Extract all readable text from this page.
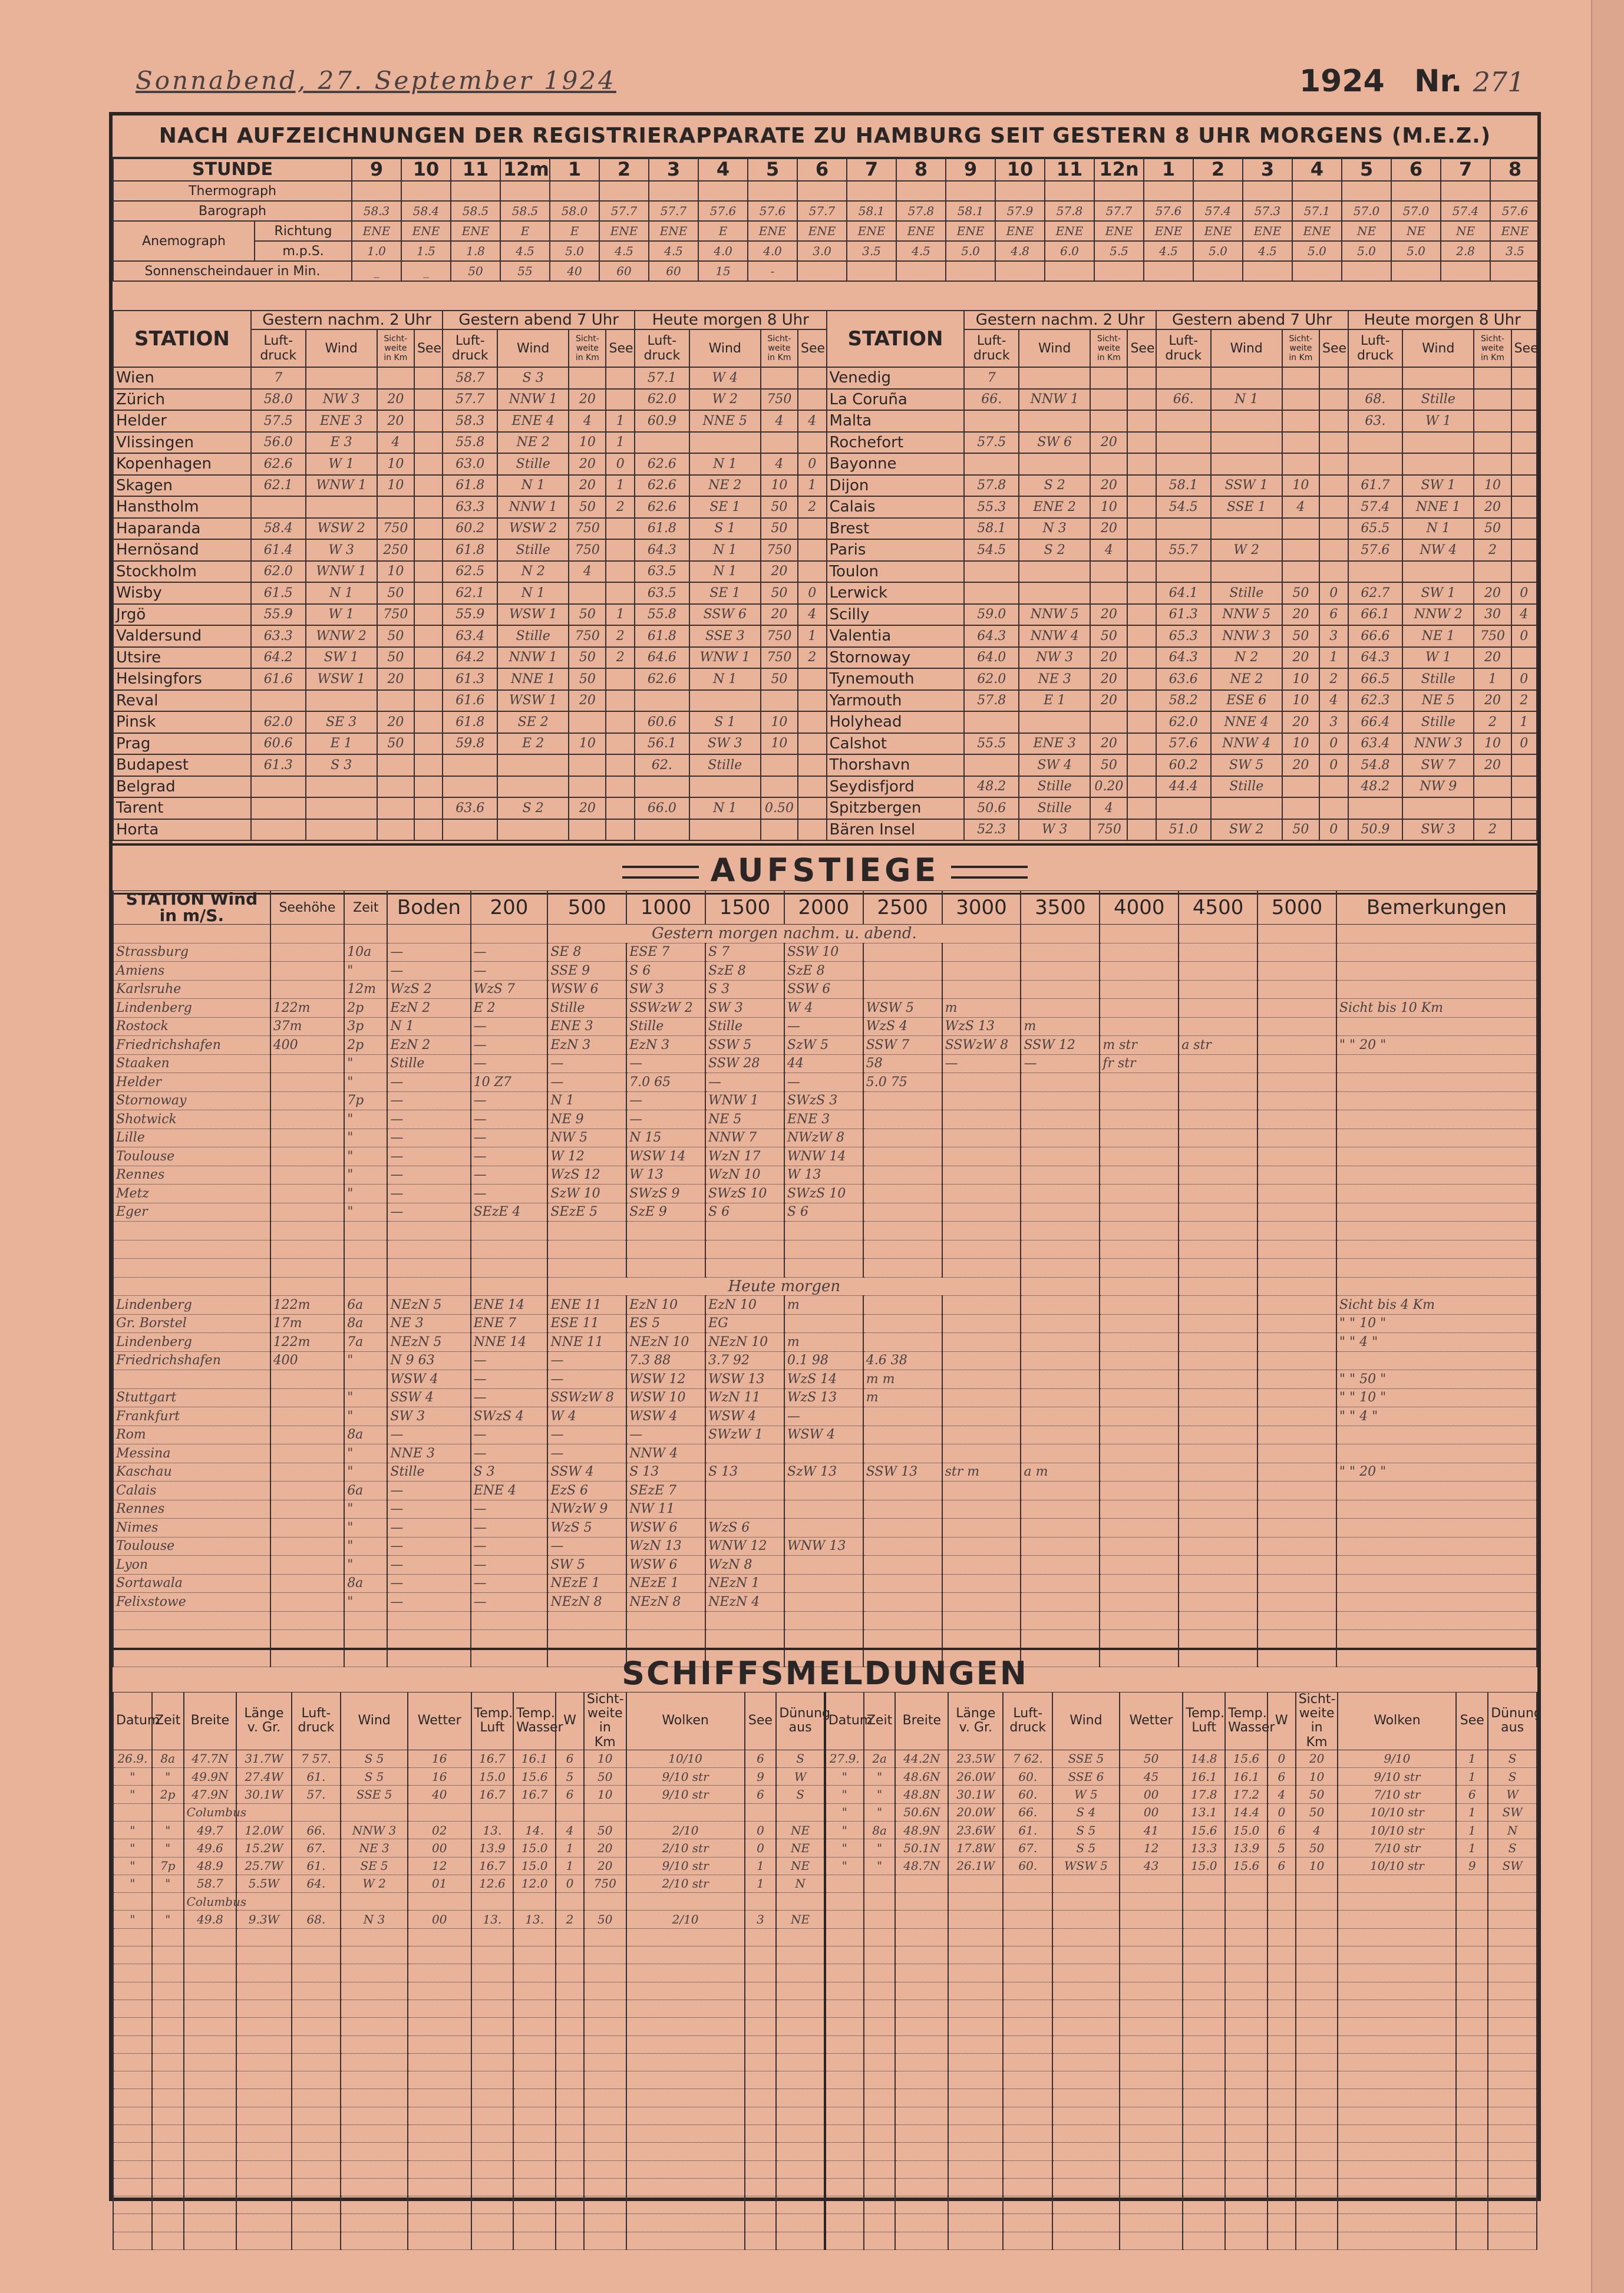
Sonnabend, 27. September 1924	1924 Nr. 271
NACH AUFZEICHNUNGEN DER REGISTRIERAPPARATE ZU HAMBURG SEIT GESTERN 8 UHR MORGENS (M.E.Z.)
STUNDE		9	10	11	12m	1	2	3	4	5	6	7	8	9	10	11	12n	1	2	3	4	5	6	7	8
Thermograph																									
Barograph		58.3	58.4	58.5	58.5	58.0	57.7	57.7	57.6	57.6	57.7	58.1	57.8	58.1	57.9	57.8	57.7	57.6	57.4	57.3	57.1	57.0	57.0	57.4	57.6
Anemograph	Richtung	ENE	ENE	ENE	E	E	ENE	ENE	E	ENE	ENE	ENE	ENE	ENE	ENE	ENE	ENE	ENE	ENE	ENE	ENE	NE	NE	NE	ENE
	m.p.S.	1.0	1.5	1.8	4.5	5.0	4.5	4.5	4.0	4.0	3.0	3.5	4.5	5.0	4.8	6.0	5.5	4.5	5.0	4.5	5.0	5.0	5.0	2.8	3.5
Sonnenscheindauer in Min.		_	_	50	55	40	60	60	15	-															
STATION	Gestern nachm. 2 Uhr				Gestern abend 7 Uhr				Heute morgen 8 Uhr				STATION	Gestern nachm. 2 Uhr				Gestern abend 7 Uhr				Heute morgen 8 Uhr			
	Luft-druck	Wind	Sicht-weite in Km	See	Luft-druck	Wind	Sicht-weite in Km	See	Luft-druck	Wind	Sicht-weite in Km	See		Luft-druck	Wind	Sicht-weite in Km	See	Luft-druck	Wind	Sicht-weite in Km	See	Luft-druck	Wind	Sicht-weite in Km	See
Wien	7				58.7	S 3			57.1	W 4			Venedig	7											
Zürich	58.0	NW 3	20		57.7	NNW 1	20		62.0	W 2	750		La Coruña	66.	NNW 1			66.	N 1			68.	Stille		
Helder	57.5	ENE 3	20		58.3	ENE 4	4	1	60.9	NNE 5	4	4	Malta									63.	W 1		
Vlissingen	56.0	E 3	4		55.8	NE 2	10	1					Rochefort	57.5	SW 6	20									
Kopenhagen	62.6	W 1	10		63.0	Stille	20	0	62.6	N 1	4	0	Bayonne												
Skagen	62.1	WNW 1	10		61.8	N 1	20	1	62.6	NE 2	10	1	Dijon	57.8	S 2	20		58.1	SSW 1	10		61.7	SW 1	10	
Hanstholm					63.3	NNW 1	50	2	62.6	SE 1	50	2	Calais	55.3	ENE 2	10		54.5	SSE 1	4		57.4	NNE 1	20	
Haparanda	58.4	WSW 2	750		60.2	WSW 2	750		61.8	S 1	50		Brest	58.1	N 3	20						65.5	N 1	50	
Hernösand	61.4	W 3	250		61.8	Stille	750		64.3	N 1	750		Paris	54.5	S 2	4		55.7	W 2			57.6	NW 4	2	
Stockholm	62.0	WNW 1	10		62.5	N 2	4		63.5	N 1	20		Toulon												
Wisby	61.5	N 1	50		62.1	N 1			63.5	SE 1	50	0	Lerwick					64.1	Stille	50	0	62.7	SW 1	20	0
Jrgö	55.9	W 1	750		55.9	WSW 1	50	1	55.8	SSW 6	20	4	Scilly	59.0	NNW 5	20		61.3	NNW 5	20	6	66.1	NNW 2	30	4
Valdersund	63.3	WNW 2	50		63.4	Stille	750	2	61.8	SSE 3	750	1	Valentia	64.3	NNW 4	50		65.3	NNW 3	50	3	66.6	NE 1	750	0
Utsire	64.2	SW 1	50		64.2	NNW 1	50	2	64.6	WNW 1	750	2	Stornoway	64.0	NW 3	20		64.3	N 2	20	1	64.3	W 1	20	
Helsingfors	61.6	WSW 1	20		61.3	NNE 1	50		62.6	N 1	50		Tynemouth	62.0	NE 3	20		63.6	NE 2	10	2	66.5	Stille	1	0
Reval					61.6	WSW 1	20						Yarmouth	57.8	E 1	20		58.2	ESE 6	10	4	62.3	NE 5	20	2
Pinsk	62.0	SE 3	20		61.8	SE 2			60.6	S 1	10		Holyhead					62.0	NNE 4	20	3	66.4	Stille	2	1
Prag	60.6	E 1	50		59.8	E 2	10		56.1	SW 3	10		Calshot	55.5	ENE 3	20		57.6	NNW 4	10	0	63.4	NNW 3	10	0
Budapest	61.3	S 3							62.	Stille			Thorshavn		SW 4	50		60.2	SW 5	20	0	54.8	SW 7	20	
Belgrad													Seydisfjord	48.2	Stille	0.20		44.4	Stille			48.2	NW 9		
Tarent					63.6	S 2	20		66.0	N 1	0.50		Spitzbergen	50.6	Stille	4									
Horta													Bären Insel	52.3	W 3	750		51.0	SW 2	50	0	50.9	SW 3	2	
AUFSTIEGE
STATION Wind in m/S.	Seehöhe	Zeit	Boden	200	500	1000	1500	2000	2500	3000	3500	4000	4500	5000	Bemerkungen
					Gestern morgen nachm. u. abend.										
Strassburg		10a	—	—	SE 8	ESE 7	S 7	SSW 10							
Amiens		"	—	—	SSE 9	S 6	SzE 8	SzE 8							
Karlsruhe		12m	WzS 2	WzS 7	WSW 6	SW 3	S 3	SSW 6							
Lindenberg	122m	2p	EzN 2	E 2	Stille	SSWzW 2	SW 3	W 4	WSW 5	m					Sicht bis 10 Km
Rostock	37m	3p	N 1	—	ENE 3	Stille	Stille	—	WzS 4	WzS 13	m				
Friedrichshafen	400	2p	EzN 2	—	EzN 3	EzN 3	SSW 5	SzW 5	SSW 7	SSWzW 8	SSW 12	m str	a str		" " 20 "
Staaken		"	Stille	—	—	—	SSW 28	44	58	—	—	fr str			
Helder		"	—	10 Z7	—	7.0 65	—	—	5.0 75						
Stornoway		7p	—	—	N 1	—	WNW 1	SWzS 3							
Shotwick		"	—	—	NE 9	—	NE 5	ENE 3							
Lille		"	—	—	NW 5	N 15	NNW 7	NWzW 8							
Toulouse		"	—	—	W 12	WSW 14	WzN 17	WNW 14							
Rennes		"	—	—	WzS 12	W 13	WzN 10	W 13							
Metz		"	—	—	SzW 10	SWzS 9	SWzS 10	SWzS 10							
Eger		"	—	SEzE 4	SEzE 5	SzE 9	S 6	S 6							

					Heute morgen										
Lindenberg	122m	6a	NEzN 5	ENE 14	ENE 11	EzN 10	EzN 10	m							Sicht bis 4 Km
Gr. Borstel	17m	8a	NE 3	ENE 7	ESE 11	ES 5	EG								" " 10 "
Lindenberg	122m	7a	NEzN 5	NNE 14	NNE 11	NEzN 10	NEzN 10	m							" " 4 "
Friedrichshafen	400	"	N 9 63	—	—	7.3 88	3.7 92	0.1 98	4.6 38						
			WSW 4	—	—	WSW 12	WSW 13	WzS 14	m m						" " 50 "
Stuttgart		"	SSW 4	—	SSWzW 8	WSW 10	WzN 11	WzS 13	m						" " 10 "
Frankfurt		"	SW 3	SWzS 4	W 4	WSW 4	WSW 4	—							" " 4 "
Rom		8a	—	—	—	—	SWzW 1	WSW 4							
Messina		"	NNE 3	—	—	NNW 4									
Kaschau		"	Stille	S 3	SSW 4	S 13	S 13	SzW 13	SSW 13	str m	a m				" " 20 "
Calais		6a	—	ENE 4	EzS 6	SEzE 7									
Rennes		"	—	—	NWzW 9	NW 11									
Nimes		"	—	—	WzS 5	WSW 6	WzS 6								
Toulouse		"	—	—	—	WzN 13	WNW 12	WNW 13							
Lyon		"	—	—	SW 5	WSW 6	WzN 8								
Sortawala		8a	—	—	NEzE 1	NEzE 1	NEzN 1								
Felixstowe		"	—	—	NEzN 8	NEzN 8	NEzN 4								

SCHIFFSMELDUNGEN
Datum	Zeit	Breite	Länge v. Gr.	Luft-druck	Wind	Wetter	Temp. Luft	Temp. Wasser	W	Sicht-weite in Km	Wolken	See	Dünung aus	Datum	Zeit	Breite	Länge v. Gr.	Luft-druck	Wind	Wetter	Temp. Luft	Temp. Wasser	W	Sicht-weite in Km	Wolken	See	Dünung aus
26.9.	8a	47.7N	31.7W	7 57.	S 5	16	16.7	16.1	6	10	10/10	6	S	27.9.	2a	44.2N	23.5W	7 62.	SSE 5	50	14.8	15.6	0	20	9/10	1	S
"	"	49.9N	27.4W	61.	S 5	16	15.0	15.6	5	50	9/10 str	9	W	"	"	48.6N	26.0W	60.	SSE 6	45	16.1	16.1	6	10	9/10 str	1	S
"	2p	47.9N	30.1W	57.	SSE 5	40	16.7	16.7	6	10	9/10 str	6	S	"	"	48.8N	30.1W	60.	W 5	00	17.8	17.2	4	50	7/10 str	6	W
		Columbus												"	"	50.6N	20.0W	66.	S 4	00	13.1	14.4	0	50	10/10 str	1	SW
"	"	49.7	12.0W	66.	NNW 3	02	13.	14.	4	50	2/10	0	NE	"	8a	48.9N	23.6W	61.	S 5	41	15.6	15.0	6	4	10/10 str	1	N
"	"	49.6	15.2W	67.	NE 3	00	13.9	15.0	1	20	2/10 str	0	NE	"	"	50.1N	17.8W	67.	S 5	12	13.3	13.9	5	50	7/10 str	1	S
"	7p	48.9	25.7W	61.	SE 5	12	16.7	15.0	1	20	9/10 str	1	NE	"	"	48.7N	26.1W	60.	WSW 5	43	15.0	15.6	6	10	10/10 str	9	SW
"	"	58.7	5.5W	64.	W 2	01	12.6	12.0	0	750	2/10 str	1	N														
		Columbus																									
"	"	49.8	9.3W	68.	N 3	00	13.	13.	2	50	2/10	3	NE														
